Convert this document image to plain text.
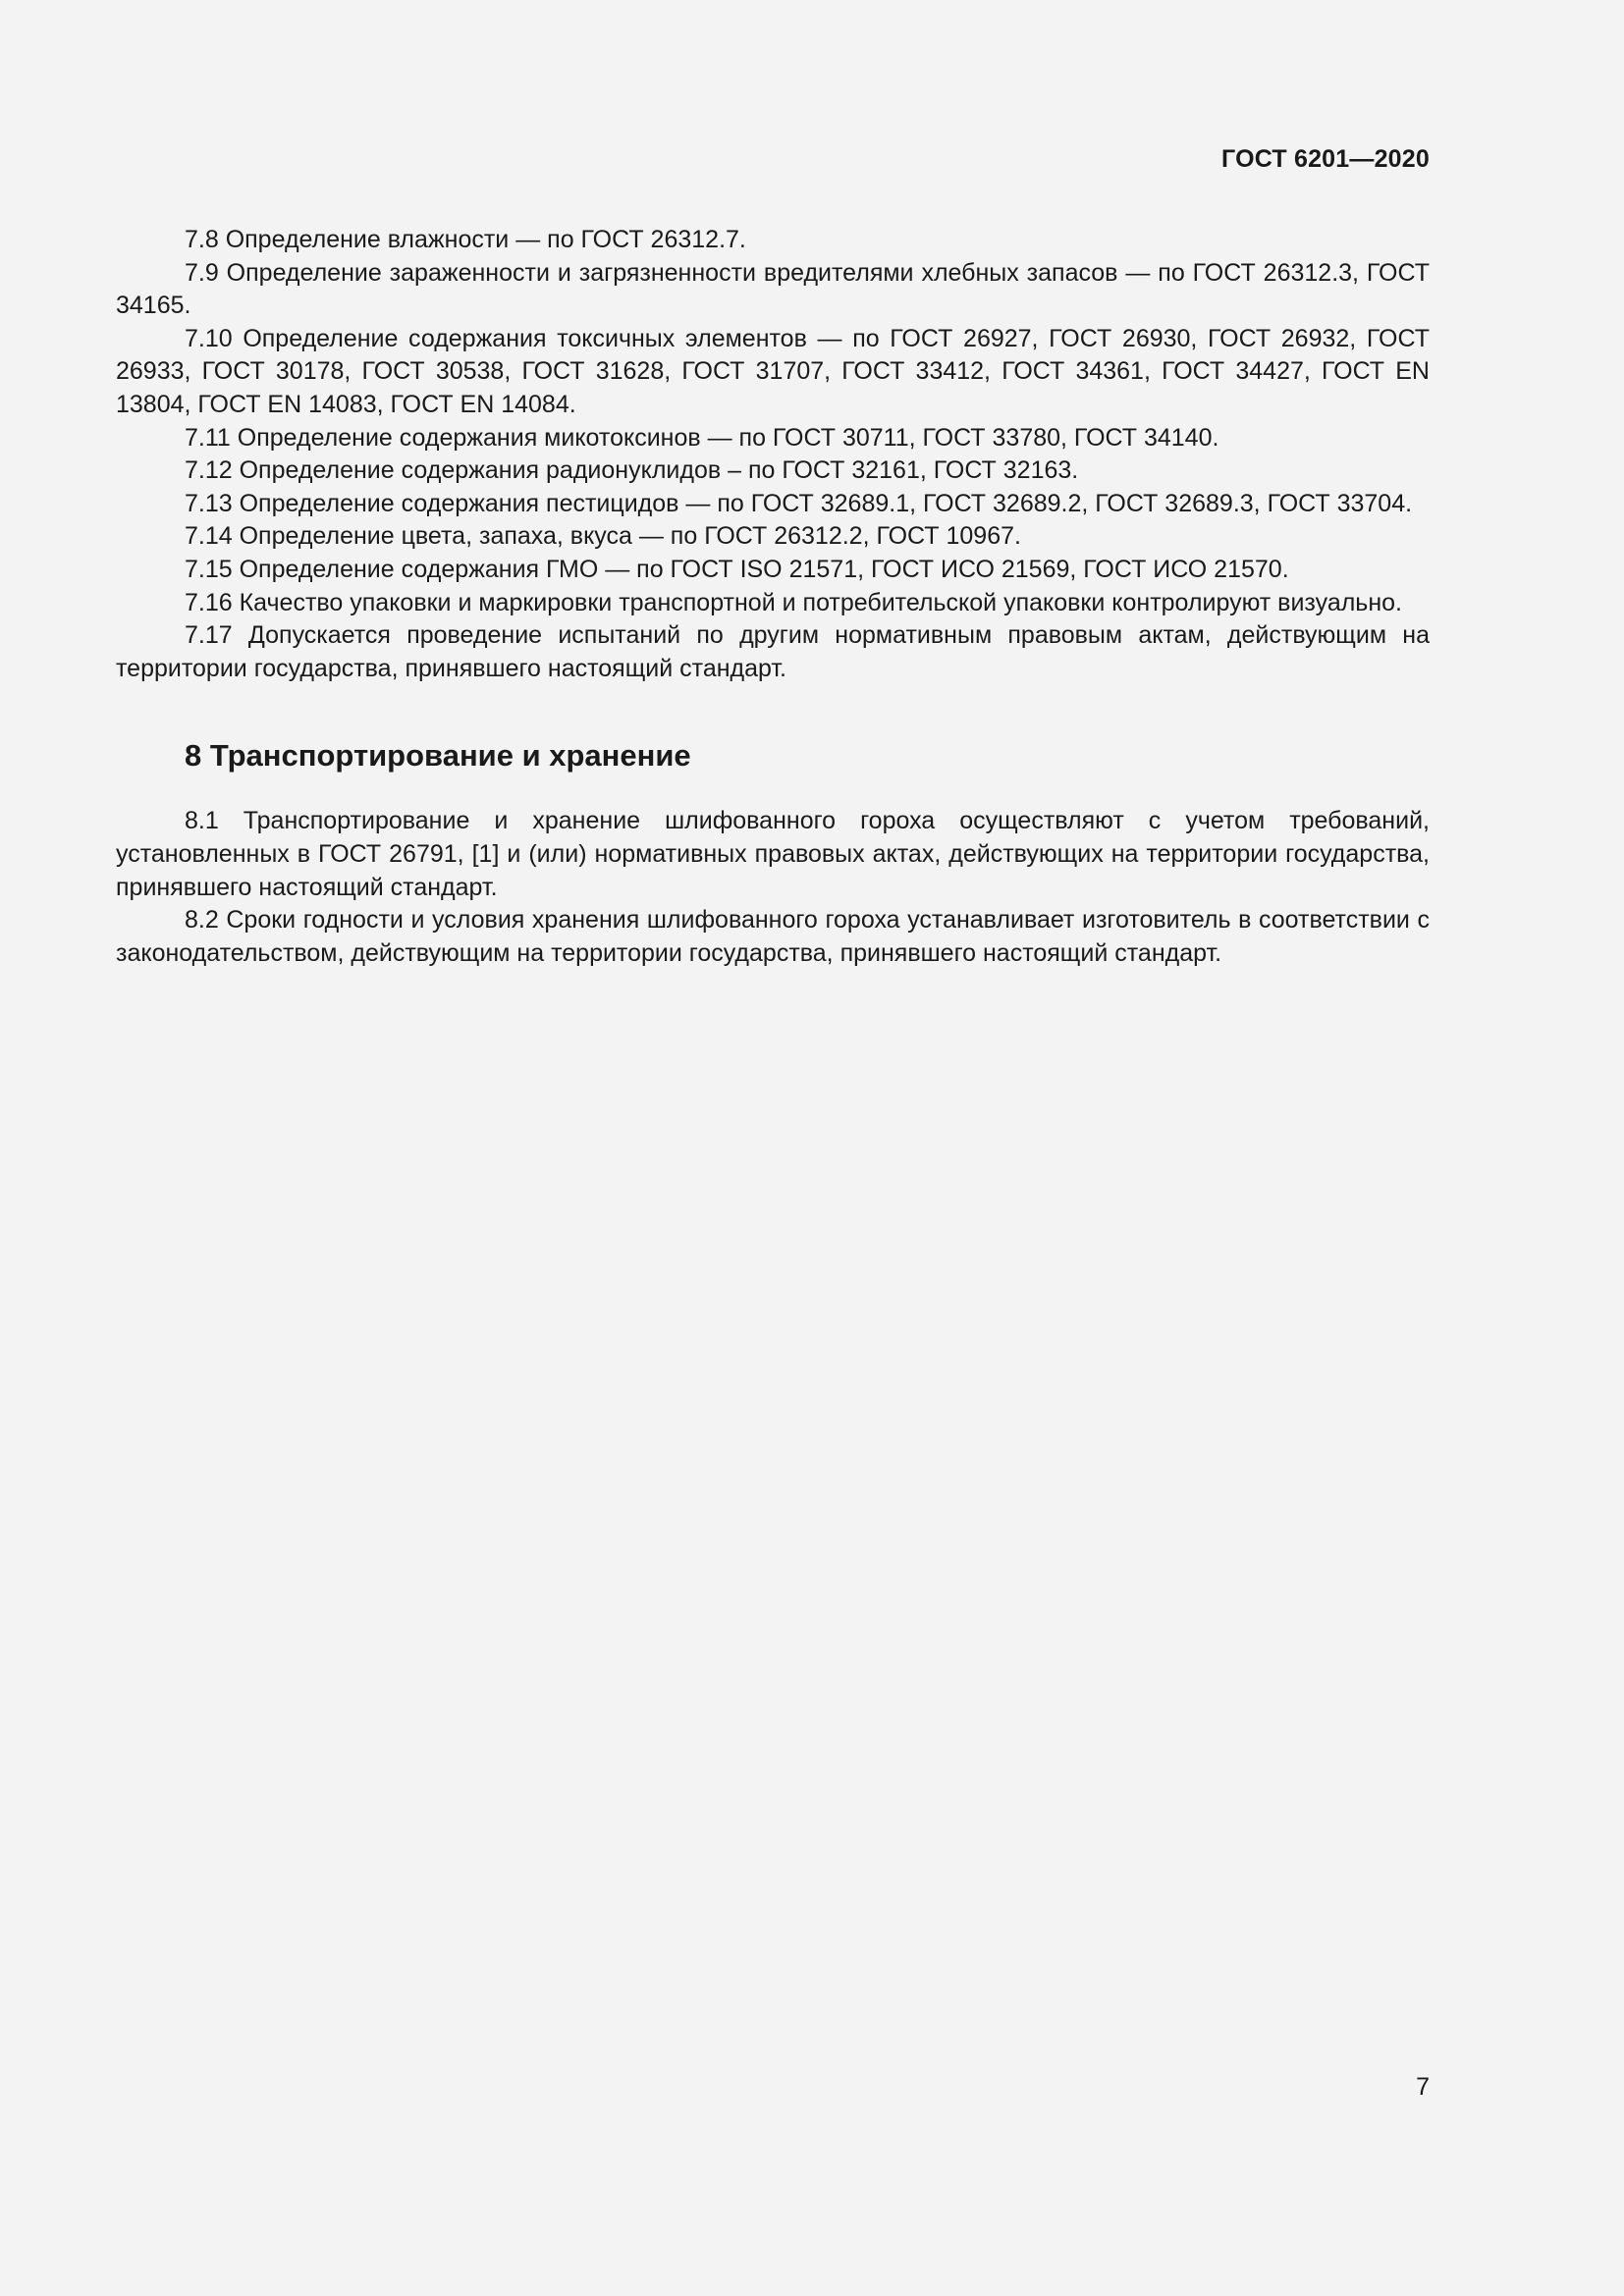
ГОСТ 6201—2020

7.8 Определение влажности — по ГОСТ 26312.7.

7.9 Определение зараженности и загрязненности вредителями хлебных запасов — по ГОСТ 26312.3, ГОСТ 34165.

7.10 Определение содержания токсичных элементов — по ГОСТ 26927, ГОСТ 26930, ГОСТ 26932, ГОСТ 26933, ГОСТ 30178, ГОСТ 30538, ГОСТ 31628, ГОСТ 31707, ГОСТ 33412, ГОСТ 34361, ГОСТ 34427, ГОСТ EN 13804, ГОСТ EN 14083, ГОСТ EN 14084.

7.11 Определение содержания микотоксинов — по ГОСТ 30711, ГОСТ 33780, ГОСТ 34140.

7.12 Определение содержания радионуклидов – по ГОСТ 32161, ГОСТ 32163.

7.13 Определение содержания пестицидов — по ГОСТ 32689.1, ГОСТ 32689.2, ГОСТ 32689.3, ГОСТ 33704.

7.14 Определение цвета, запаха, вкуса — по ГОСТ 26312.2, ГОСТ 10967.

7.15 Определение содержания ГМО — по ГОСТ ISO 21571, ГОСТ ИСО 21569, ГОСТ ИСО 21570.

7.16 Качество упаковки и маркировки транспортной и потребительской упаковки контролируют визуально.

7.17 Допускается проведение испытаний по другим нормативным правовым актам, действующим на территории государства, принявшего настоящий стандарт.

8 Транспортирование и хранение

8.1 Транспортирование и хранение шлифованного гороха осуществляют с учетом требований, установленных в ГОСТ 26791, [1] и (или) нормативных правовых актах, действующих на территории государства, принявшего настоящий стандарт.

8.2 Сроки годности и условия хранения шлифованного гороха устанавливает изготовитель в соответствии с законодательством, действующим на территории государства, принявшего настоящий стандарт.

7
